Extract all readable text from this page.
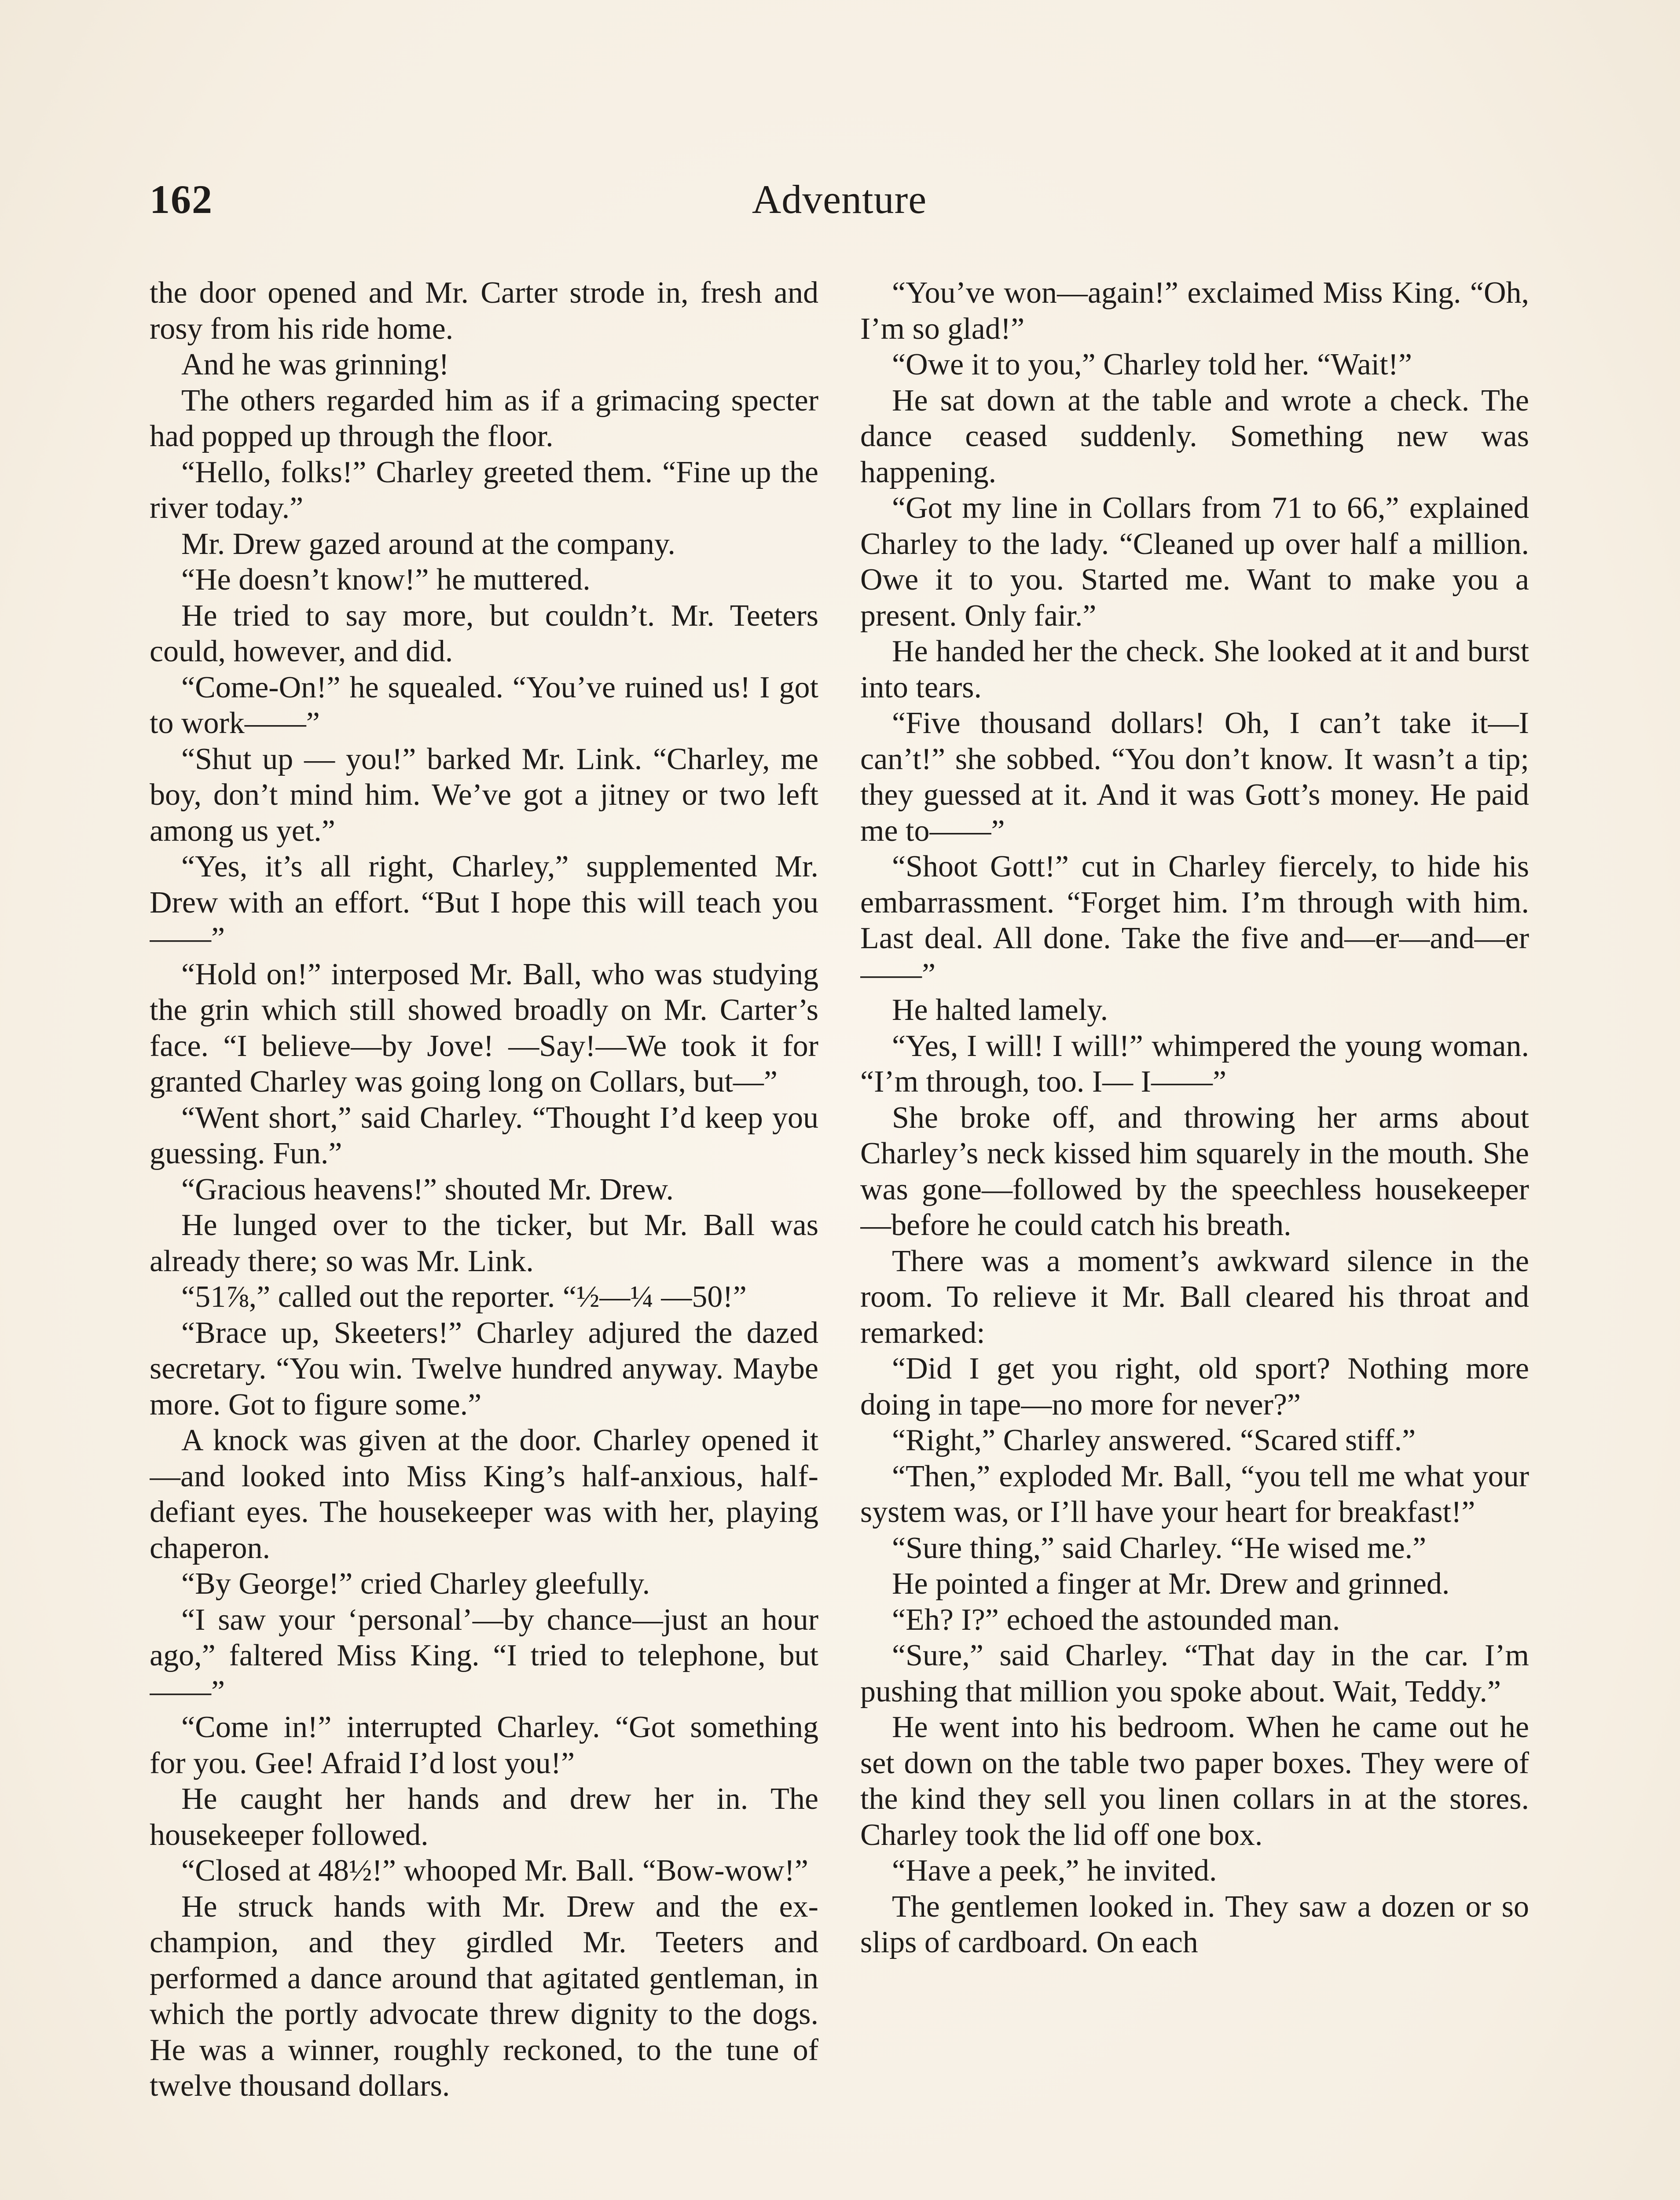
162	Adventure

the door opened and Mr. Carter strode in, fresh and rosy from his ride home.

And he was grinning!

The others regarded him as if a grimacing specter had popped up through the floor.

“Hello, folks!” Charley greeted them. “Fine up the river today.”

Mr. Drew gazed around at the company.

“He doesn’t know!” he muttered.

He tried to say more, but couldn’t. Mr. Teeters could, however, and did.

“Come-On!” he squealed. “You’ve ruined us! I got to work——”

“Shut up — you!” barked Mr. Link. “Charley, me boy, don’t mind him. We’ve got a jitney or two left among us yet.”

“Yes, it’s all right, Charley,” supplemented Mr. Drew with an effort. “But I hope this will teach you——”

“Hold on!” interposed Mr. Ball, who was studying the grin which still showed broadly on Mr. Carter’s face. “I believe—by Jove! —Say!—We took it for granted Charley was going long on Collars, but—”

“Went short,” said Charley. “Thought I’d keep you guessing. Fun.”

“Gracious heavens!” shouted Mr. Drew.

He lunged over to the ticker, but Mr. Ball was already there; so was Mr. Link.

“51⅞,” called out the reporter. “½—¼ —50!”

“Brace up, Skeeters!” Charley adjured the dazed secretary. “You win. Twelve hundred anyway. Maybe more. Got to figure some.”

A knock was given at the door. Charley opened it—and looked into Miss King’s half-anxious, half-defiant eyes. The housekeeper was with her, playing chaperon.

“By George!” cried Charley gleefully.

“I saw your ‘personal’—by chance—just an hour ago,” faltered Miss King. “I tried to telephone, but——”

“Come in!” interrupted Charley. “Got something for you. Gee! Afraid I’d lost you!”

He caught her hands and drew her in. The housekeeper followed.

“Closed at 48½!” whooped Mr. Ball. “Bow-wow!”

He struck hands with Mr. Drew and the ex-champion, and they girdled Mr. Teeters and performed a dance around that agitated gentleman, in which the portly advocate threw dignity to the dogs. He was a winner, roughly reckoned, to the tune of twelve thousand dollars.

“You’ve won—again!” exclaimed Miss King. “Oh, I’m so glad!”

“Owe it to you,” Charley told her. “Wait!”

He sat down at the table and wrote a check. The dance ceased suddenly. Something new was happening.

“Got my line in Collars from 71 to 66,” explained Charley to the lady. “Cleaned up over half a million. Owe it to you. Started me. Want to make you a present. Only fair.”

He handed her the check. She looked at it and burst into tears.

“Five thousand dollars! Oh, I can’t take it—I can’t!” she sobbed. “You don’t know. It wasn’t a tip; they guessed at it. And it was Gott’s money. He paid me to——”

“Shoot Gott!” cut in Charley fiercely, to hide his embarrassment. “Forget him. I’m through with him. Last deal. All done. Take the five and—er—and—er——”

He halted lamely.

“Yes, I will! I will!” whimpered the young woman. “I’m through, too. I— I——”

She broke off, and throwing her arms about Charley’s neck kissed him squarely in the mouth. She was gone—followed by the speechless housekeeper—before he could catch his breath.

There was a moment’s awkward silence in the room. To relieve it Mr. Ball cleared his throat and remarked:

“Did I get you right, old sport? Nothing more doing in tape—no more for never?”

“Right,” Charley answered. “Scared stiff.”

“Then,” exploded Mr. Ball, “you tell me what your system was, or I’ll have your heart for breakfast!”

“Sure thing,” said Charley. “He wised me.”

He pointed a finger at Mr. Drew and grinned.

“Eh? I?” echoed the astounded man.

“Sure,” said Charley. “That day in the car. I’m pushing that million you spoke about. Wait, Teddy.”

He went into his bedroom. When he came out he set down on the table two paper boxes. They were of the kind they sell you linen collars in at the stores. Charley took the lid off one box.

“Have a peek,” he invited.

The gentlemen looked in. They saw a dozen or so slips of cardboard. On each
